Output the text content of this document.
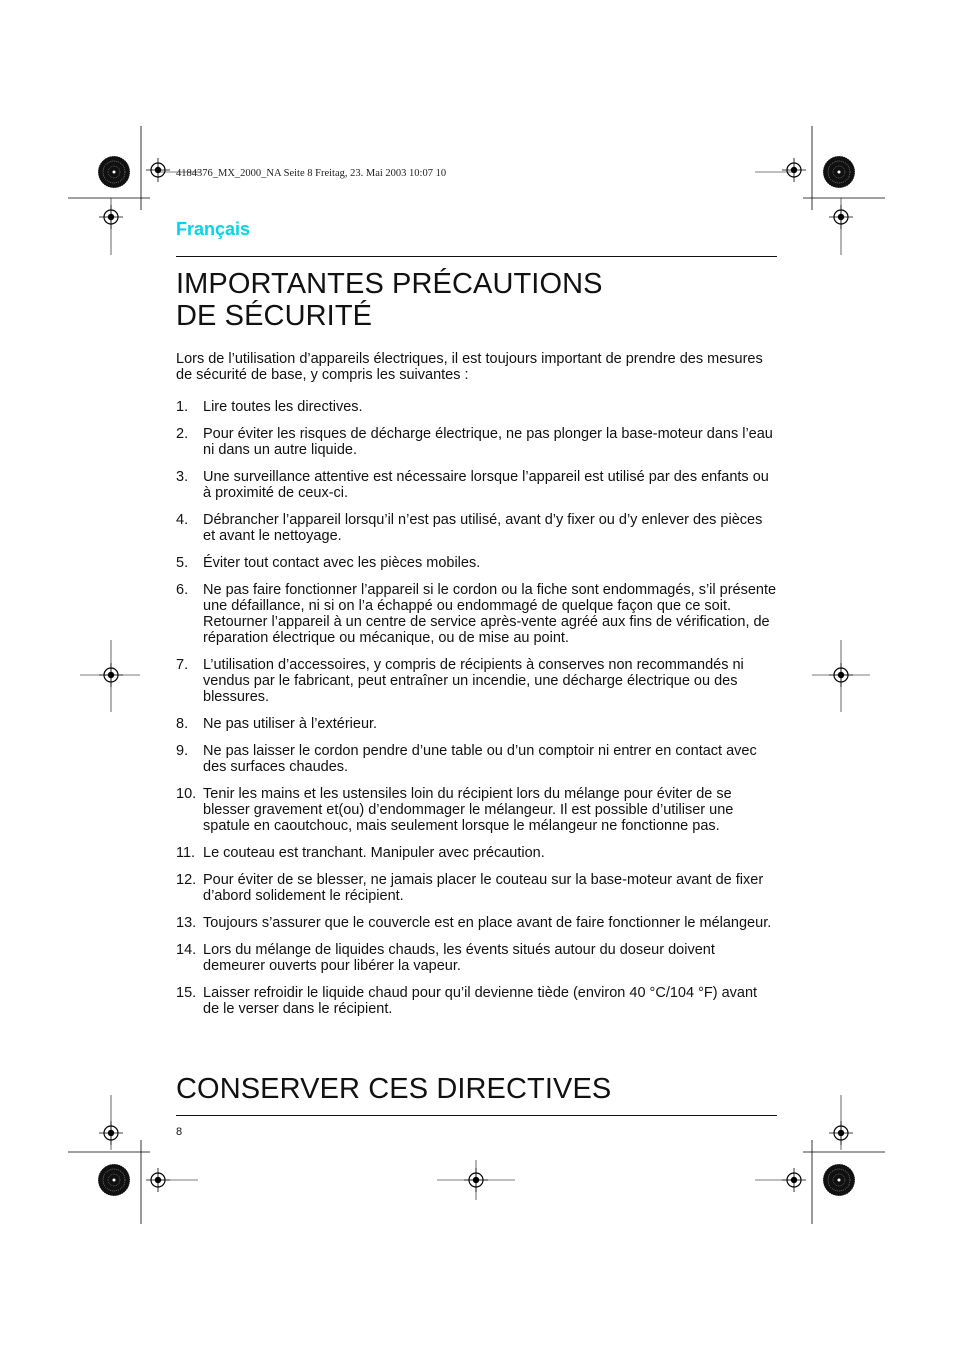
4184376_MX_2000_NA Seite 8 Freitag, 23. Mai 2003 10:07 10
Français
IMPORTANTES PRÉCAUTIONS
DE SÉCURITÉ

Lors de l’utilisation d’appareils électriques, il est toujours important de prendre des mesures de sécurité de base, y compris les suivantes :

1. Lire toutes les directives.
2. Pour éviter les risques de décharge électrique, ne pas plonger la base-moteur dans l’eau ni dans un autre liquide.
3. Une surveillance attentive est nécessaire lorsque l’appareil est utilisé par des enfants ou à proximité de ceux-ci.
4. Débrancher l’appareil lorsqu’il n’est pas utilisé, avant d’y fixer ou d’y enlever des pièces et avant le nettoyage.
5. Éviter tout contact avec les pièces mobiles.
6. Ne pas faire fonctionner l’appareil si le cordon ou la fiche sont endommagés, s’il présente une défaillance, ni si on l’a échappé ou endommagé de quelque façon que ce soit. Retourner l’appareil à un centre de service après-vente agréé aux fins de vérification, de réparation électrique ou mécanique, ou de mise au point.
7. L’utilisation d’accessoires, y compris de récipients à conserves non recommandés ni vendus par le fabricant, peut entraîner un incendie, une décharge électrique ou des blessures.
8. Ne pas utiliser à l’extérieur.
9. Ne pas laisser le cordon pendre d’une table ou d’un comptoir ni entrer en contact avec des surfaces chaudes.
10. Tenir les mains et les ustensiles loin du récipient lors du mélange pour éviter de se blesser gravement et(ou) d’endommager le mélangeur. Il est possible d’utiliser une spatule en caoutchouc, mais seulement lorsque le mélangeur ne fonctionne pas.
11. Le couteau est tranchant. Manipuler avec précaution.
12. Pour éviter de se blesser, ne jamais placer le couteau sur la base-moteur avant de fixer d’abord solidement le récipient.
13. Toujours s’assurer que le couvercle est en place avant de faire fonctionner le mélangeur.
14. Lors du mélange de liquides chauds, les évents situés autour du doseur doivent demeurer ouverts pour libérer la vapeur.
15. Laisser refroidir le liquide chaud pour qu’il devienne tiède (environ 40 °C/104 °F) avant de le verser dans le récipient.
CONSERVER CES DIRECTIVES
8
